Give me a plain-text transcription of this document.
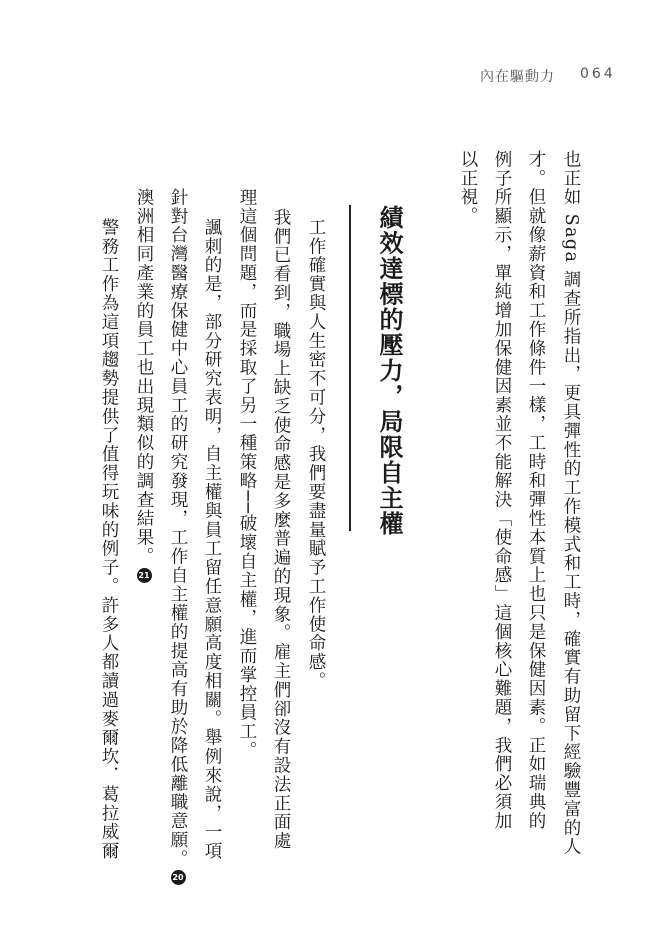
內在驅動力 064
也正如 Saga 調查所指出，更具彈性的工作模式和工時，確實有助留下經驗豐富的人
才。但就像薪資和工作條件一樣，工時和彈性本質上也只是保健因素。正如瑞典的
例子所顯示，單純增加保健因素並不能解決「使命感」這個核心難題，我們必須加
以正視。
績效達標的壓力，局限自主權
工作確實與人生密不可分，我們要盡量賦予工作使命感。
我們已看到，職場上缺乏使命感是多麼普遍的現象。雇主們卻沒有設法正面處
理這個問題，而是採取了另一種策略──破壞自主權，進而掌控員工。
諷刺的是，部分研究表明，自主權與員工留任意願高度相關。舉例來說，一項
針對台灣醫療保健中心員工的研究發現，工作自主權的提高有助於降低離職意願。20
澳洲相同產業的員工也出現類似的調查結果。21
警務工作為這項趨勢提供了值得玩味的例子。許多人都讀過麥爾坎．葛拉威爾
